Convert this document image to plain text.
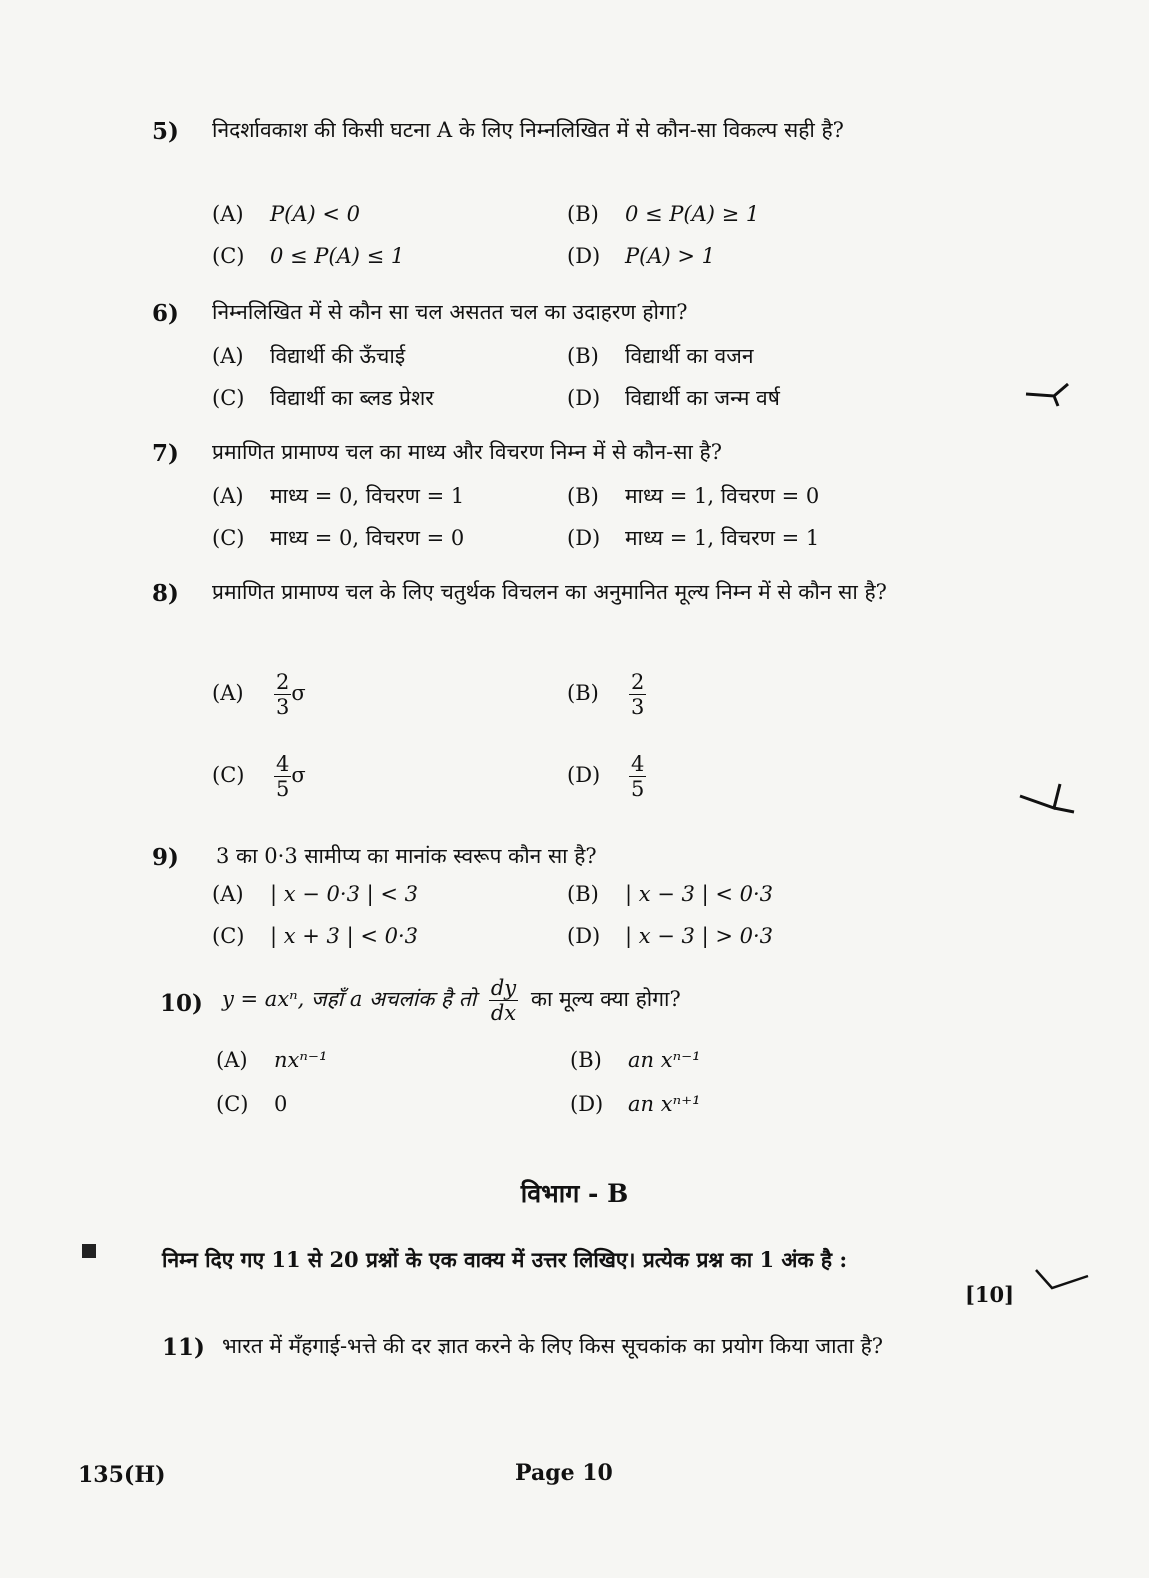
5) निदर्शावकाश की किसी घटना A के लिए निम्नलिखित में से कौन-सा विकल्प सही है?
(A) P(A) < 0	(B) 0 ≤ P(A) ≥ 1
(C) 0 ≤ P(A) ≤ 1	(D) P(A) > 1
6) निम्नलिखित में से कौन सा चल असतत चल का उदाहरण होगा?
(A) विद्यार्थी की ऊँचाई	(B) विद्यार्थी का वजन
(C) विद्यार्थी का ब्लड प्रेशर	(D) विद्यार्थी का जन्म वर्ष
7) प्रमाणित प्रामाण्य चल का माध्य और विचरण निम्न में से कौन-सा है?
(A) माध्य = 0, विचरण = 1	(B) माध्य = 1, विचरण = 0
(C) माध्य = 0, विचरण = 0	(D) माध्य = 1, विचरण = 1
8) प्रमाणित प्रामाण्य चल के लिए चतुर्थक विचलन का अनुमानित मूल्य निम्न में से कौन सा है?
$(A) \frac{2}{3}$ σ	$(B) \frac{2}{3}$
$(C) \frac{4}{5}$ σ	$(D) \frac{4}{5}$
9) 3 का 0·3 सामीप्य का मानांक स्वरूप कौन सा है?
(A) | x − 0·3 | < 3	(B) | x − 3 | < 0·3
(C) | x + 3 | < 0·3	(D) | x − 3 | > 0·3
10) y = axⁿ, जहाँ a अचलांक है तो $\frac{dy}{dx}$ का मूल्य क्या होगा?
(A) nxⁿ⁻¹	(B) an xⁿ⁻¹
(C) 0	(D) an xⁿ⁺¹
विभाग - B
निम्न दिए गए 11 से 20 प्रश्नों के एक वाक्य में उत्तर लिखिए। प्रत्येक प्रश्न का 1 अंक है :
[10]
11) भारत में मँहगाई-भत्ते की दर ज्ञात करने के लिए किस सूचकांक का प्रयोग किया जाता है?
135(H)	Page 10
